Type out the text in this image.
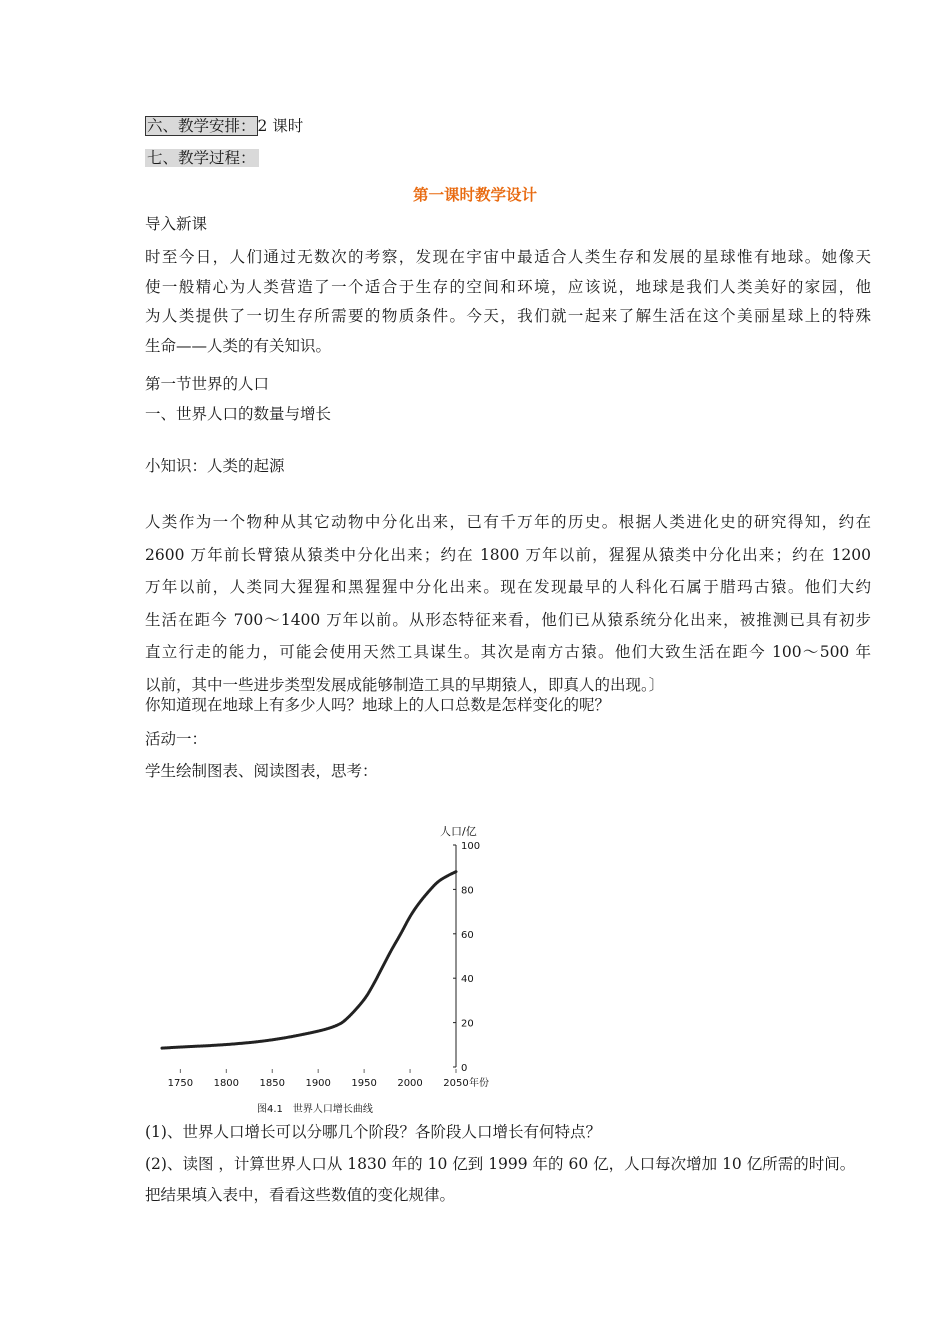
六、教学安排： 2 课时
七、教学过程：
第一课时教学设计
导入新课
时至今日，人们通过无数次的考察，发现在宇宙中最适合人类生存和发展的星球惟有地球。她像天
使一般精心为人类营造了一个适合于生存的空间和环境，应该说，地球是我们人类美好的家园，他
为人类提供了一切生存所需要的物质条件。今天，我们就一起来了解生活在这个美丽星球上的特殊
生命——人类的有关知识。
第一节世界的人口
一、世界人口的数量与增长
小知识：人类的起源
人类作为一个物种从其它动物中分化出来，已有千万年的历史。根据人类进化史的研究得知，约在
2600 万年前长臂猿从猿类中分化出来；约在 1800 万年以前，猩猩从猿类中分化出来；约在 1200
万年以前，人类同大猩猩和黑猩猩中分化出来。现在发现最早的人科化石属于腊玛古猿。他们大约
生活在距今 700～1400 万年以前。从形态特征来看，他们已从猿系统分化出来，被推测已具有初步
直立行走的能力，可能会使用天然工具谋生。其次是南方古猿。他们大致生活在距今 100～500 年
以前，其中一些进步类型发展成能够制造工具的早期猿人，即真人的出现。〕
你知道现在地球上有多少人吗？地球上的人口总数是怎样变化的呢？
活动一：
学生绘制图表、阅读图表，思考：
0
20
40
60
80
100
1750 1800 1850 1900 1950 2000 2050 年份
人口/亿
图4.1　世界人口增长曲线
(1)、世界人口增长可以分哪几个阶段？各阶段人口增长有何特点？
(2)、读图 ，计算世界人口从 1830 年的 10 亿到 1999 年的 60 亿，人口每次增加 10 亿所需的时间。
把结果填入表中，看看这些数值的变化规律。
